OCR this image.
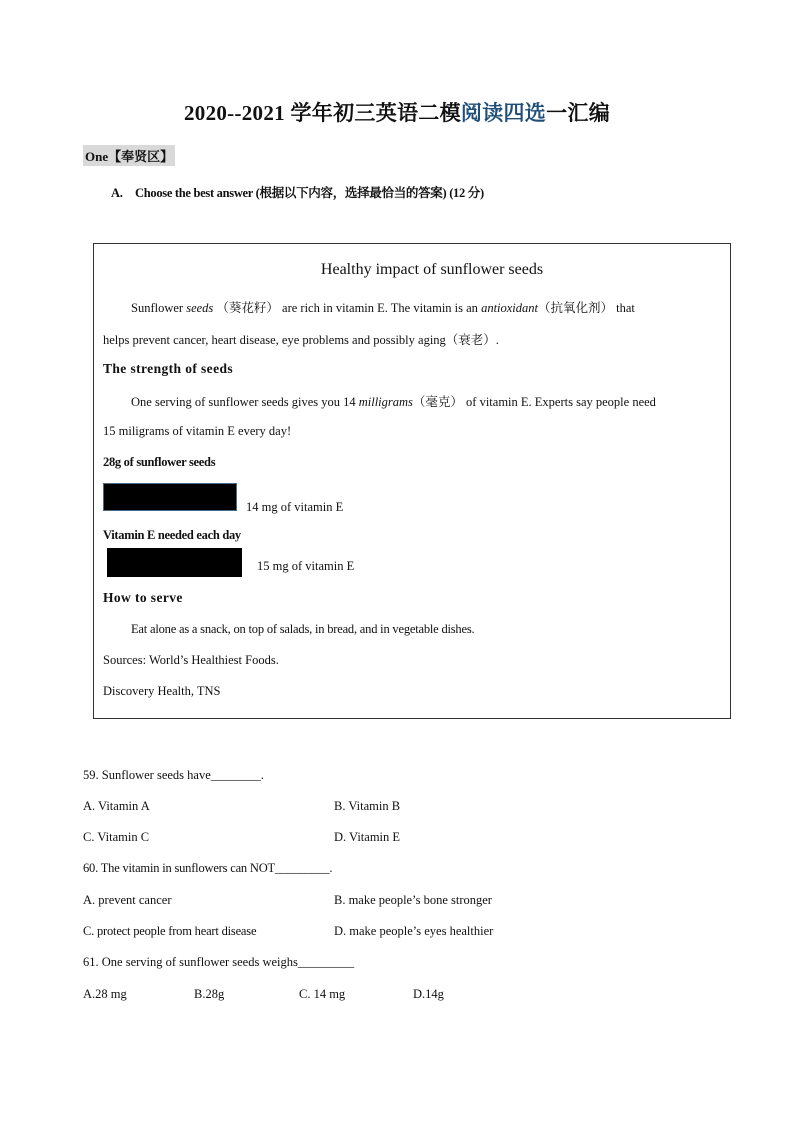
2020--2021 学年初三英语二模阅读四选一汇编
One【奉贤区】
A. Choose the best answer (根据以下内容，选择最恰当的答案) (12 分)
Healthy impact of sunflower seeds
Sunflower seeds （葵花籽） are rich in vitamin E. The vitamin is an antioxidant（抗氧化剂） that
helps prevent cancer, heart disease, eye problems and possibly aging（衰老）.
The strength of seeds
One serving of sunflower seeds gives you 14 milligrams（毫克） of vitamin E. Experts say people need
15 miligrams of vitamin E every day!
28g of sunflower seeds
14 mg of vitamin E
Vitamin E needed each day
15 mg of vitamin E
How to serve
Eat alone as a snack, on top of salads, in bread, and in vegetable dishes.
Sources: World’s Healthiest Foods.
Discovery Health, TNS
59. Sunflower seeds have________.
A. Vitamin A	B. Vitamin B
C. Vitamin C	D. Vitamin E
60. The vitamin in sunflowers can NOT_________.
A. prevent cancer	B. make people’s bone stronger
C. protect people from heart disease	D. make people’s eyes healthier
61. One serving of sunflower seeds weighs_________
A.28 mg	B.28g	C. 14 mg	D.14g
